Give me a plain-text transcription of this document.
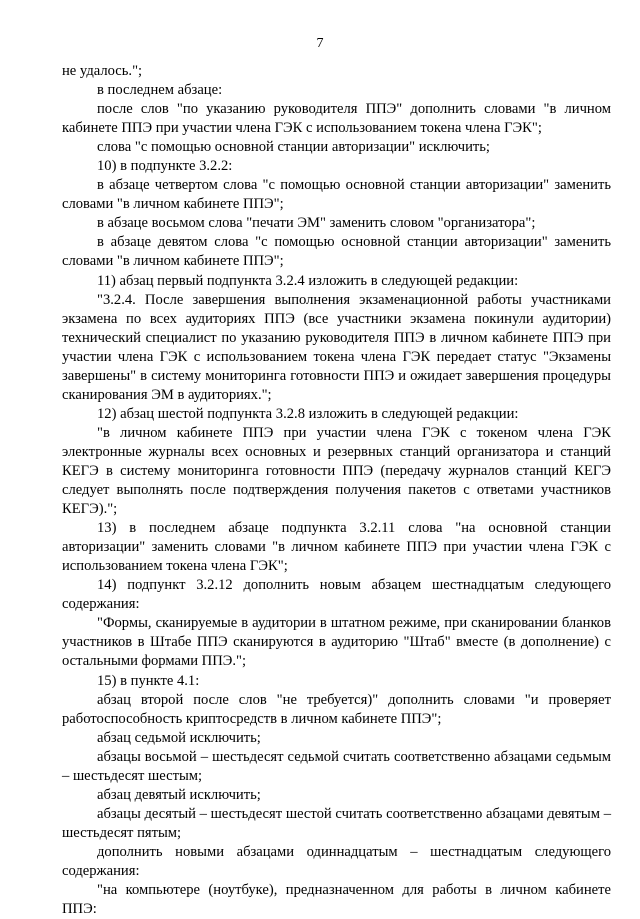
7

не удалось.";

в последнем абзаце:

после слов "по указанию руководителя ППЭ" дополнить словами "в личном кабинете ППЭ при участии члена ГЭК с использованием токена члена ГЭК";

слова "с помощью основной станции авторизации" исключить;

10) в подпункте 3.2.2:

в абзаце четвертом слова "с помощью основной станции авторизации" заменить словами "в личном кабинете ППЭ";

в абзаце восьмом слова "печати ЭМ" заменить словом "организатора";

в абзаце девятом слова "с помощью основной станции авторизации" заменить словами "в личном кабинете ППЭ";

11) абзац первый подпункта 3.2.4 изложить в следующей редакции:

"3.2.4. После завершения выполнения экзаменационной работы участниками экзамена по всех аудиториях ППЭ (все участники экзамена покинули аудитории) технический специалист по указанию руководителя ППЭ в личном кабинете ППЭ при участии члена ГЭК с использованием токена члена ГЭК передает статус "Экзамены завершены" в систему мониторинга готовности ППЭ и ожидает завершения процедуры сканирования ЭМ в аудиториях.";

12) абзац шестой подпункта 3.2.8 изложить в следующей редакции:

"в личном кабинете ППЭ при участии члена ГЭК с токеном члена ГЭК электронные журналы всех основных и резервных станций организатора и станций КЕГЭ в систему мониторинга готовности ППЭ (передачу журналов станций КЕГЭ следует выполнять после подтверждения получения пакетов с ответами участников КЕГЭ).";

13) в последнем абзаце подпункта 3.2.11 слова "на основной станции авторизации" заменить словами "в личном кабинете ППЭ при участии члена ГЭК с использованием токена члена ГЭК";

14) подпункт 3.2.12 дополнить новым абзацем шестнадцатым следующего содержания:

"Формы, сканируемые в аудитории в штатном режиме, при сканировании бланков участников в Штабе ППЭ сканируются в аудиторию "Штаб" вместе (в дополнение) с остальными формами ППЭ.";

15) в пункте 4.1:

абзац второй после слов "не требуется)" дополнить словами "и проверяет работоспособность криптосредств в личном кабинете ППЭ";

абзац седьмой исключить;

абзацы восьмой – шестьдесят седьмой считать соответственно абзацами седьмым – шестьдесят шестым;

абзац девятый исключить;

абзацы десятый – шестьдесят шестой считать соответственно абзацами девятым – шестьдесят пятым;

дополнить новыми абзацами одиннадцатым – шестнадцатым следующего содержания:

"на компьютере (ноутбуке), предназначенном для работы в личном кабинете ППЭ:
